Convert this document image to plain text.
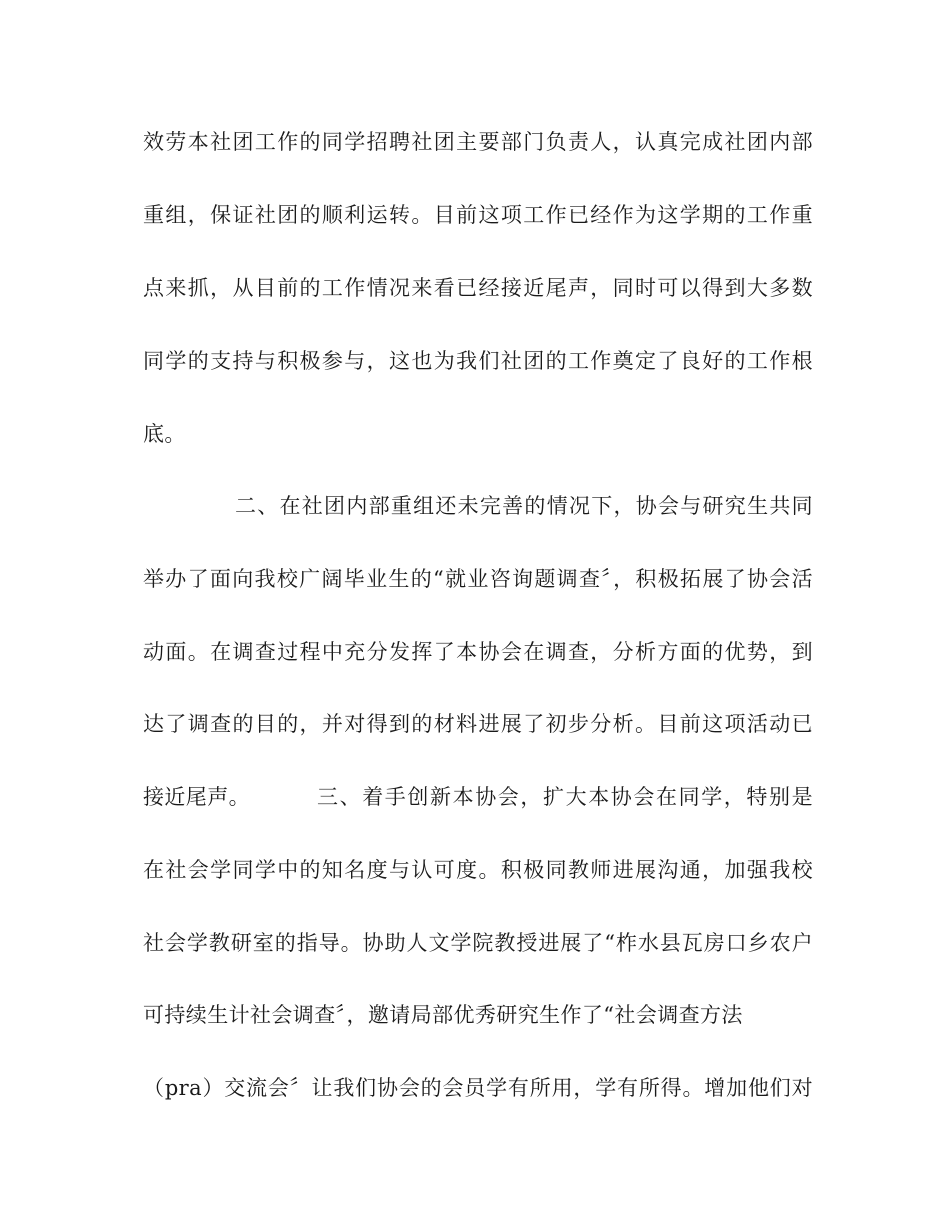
效劳本社团工作的同学招聘社团主要部门负责人，认真完成社团内部
重组，保证社团的顺利运转。目前这项工作已经作为这学期的工作重
点来抓，从目前的工作情况来看已经接近尾声，同时可以得到大多数
同学的支持与积极参与，这也为我们社团的工作奠定了良好的工作根
底。
二、在社团内部重组还未完善的情况下，协会与研究生共同
举办了面向我校广阔毕业生的“就业咨询题调查〞，积极拓展了协会活
动面。在调查过程中充分发挥了本协会在调查，分析方面的优势，到
达了调查的目的，并对得到的材料进展了初步分析。目前这项活动已
接近尾声。	三、着手创新本协会，扩大本协会在同学，特别是
在社会学同学中的知名度与认可度。积极同教师进展沟通，加强我校
社会学教研室的指导。协助人文学院教授进展了“柞水县瓦房口乡农户
可持续生计社会调查〞，邀请局部优秀研究生作了“社会调查方法
（pra）交流会〞让我们协会的会员学有所用，学有所得。增加他们对
